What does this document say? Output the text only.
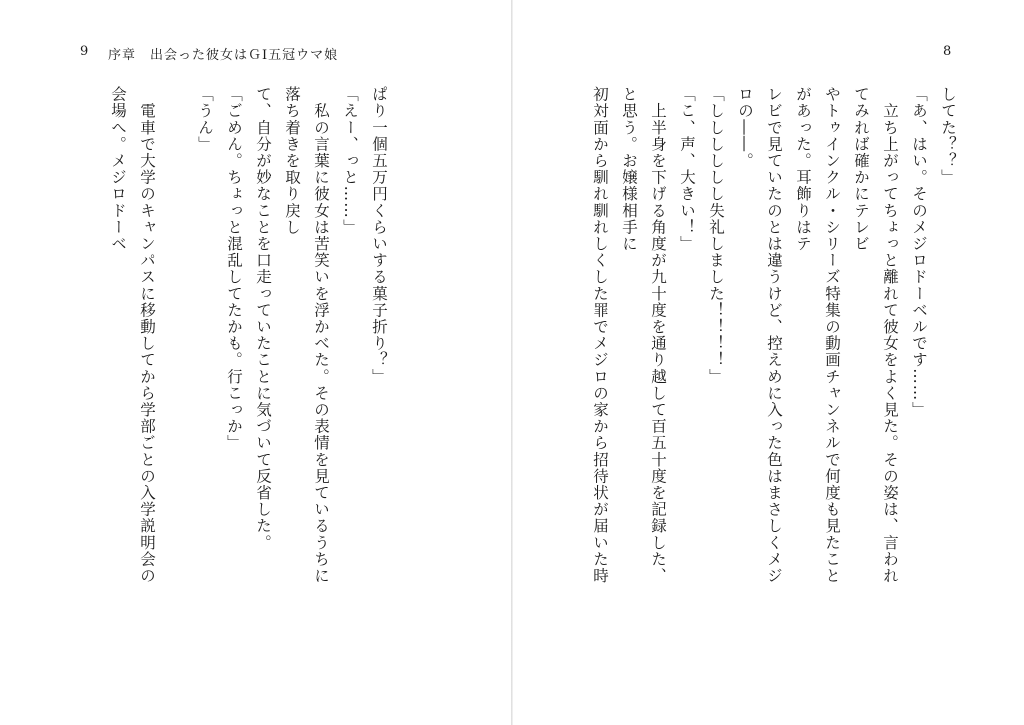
9 序章　出会った彼女はＧⅠ五冠ウマ娘

ぱり一個五万円くらいする菓子折り？」

「えー、っと……」

　私の言葉に彼女は苦笑いを浮かべた。その表情を見ているうちに落ち着きを取り戻し

て、自分が妙なことを口走っていたことに気づいて反省した。

「ごめん。ちょっと混乱してたかも。行こっか」

「うん」

　電車で大学のキャンパスに移動してから学部ごとの入学説明会の会場へ。メジロドーベ

8

してた？？」

「あ、はい。そのメジロドーベルです……」

　立ち上がってちょっと離れて彼女をよく見た。その姿は、言われてみれば確かにテレビ

やトゥインクル・シリーズ特集の動画チャンネルで何度も見たことがあった。耳飾りはテ

レビで見ていたのとは違うけど、控えめに入った色はまさしくメジロの――。

「しししししし失礼しました！！！！」

「こ、声、大きい！」

　上半身を下げる角度が九十度を通り越して百五十度を記録した、と思う。お嬢様相手に

初対面から馴れ馴れしくした罪でメジロの家から招待状が届いた時
